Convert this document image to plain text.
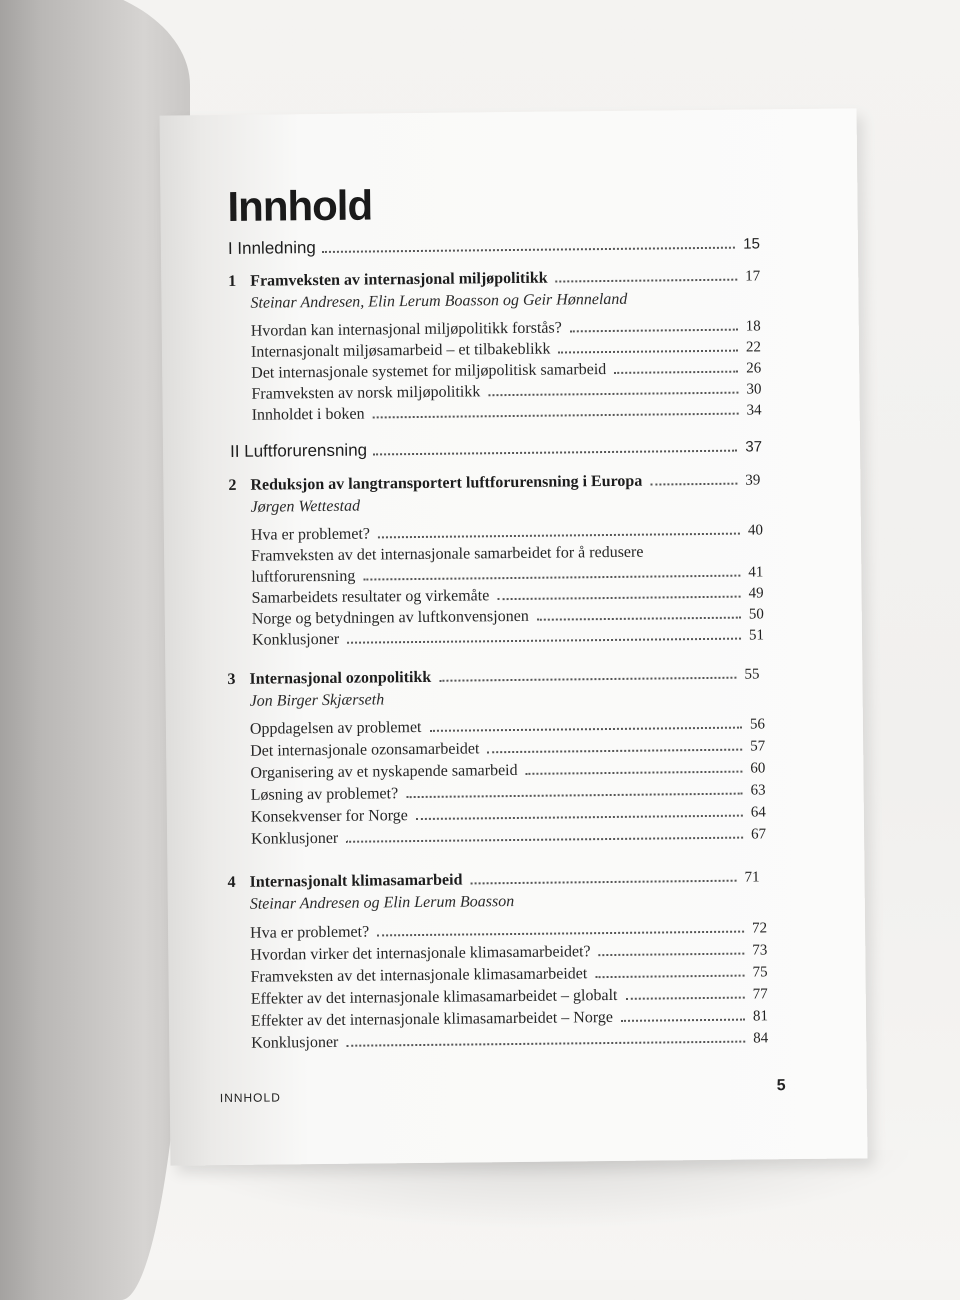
Innhold
I Innledning	15
1 Framveksten av internasjonal miljøpolitikk	17
Steinar Andresen, Elin Lerum Boasson og Geir Hønneland
Hvordan kan internasjonal miljøpolitikk forstås?	18
Internasjonalt miljøsamarbeid – et tilbakeblikk	22
Det internasjonale systemet for miljøpolitisk samarbeid	26
Framveksten av norsk miljøpolitikk	30
Innholdet i boken	34
II Luftforurensning	37
2 Reduksjon av langtransportert luftforurensning i Europa	39
Jørgen Wettestad
Hva er problemet?	40
Framveksten av det internasjonale samarbeidet for å redusere
luftforurensning	41
Samarbeidets resultater og virkemåte	49
Norge og betydningen av luftkonvensjonen	50
Konklusjoner	51
3 Internasjonal ozonpolitikk	55
Jon Birger Skjærseth
Oppdagelsen av problemet	56
Det internasjonale ozonsamarbeidet	57
Organisering av et nyskapende samarbeid	60
Løsning av problemet?	63
Konsekvenser for Norge	64
Konklusjoner	67
4 Internasjonalt klimasamarbeid	71
Steinar Andresen og Elin Lerum Boasson
Hva er problemet?	72
Hvordan virker det internasjonale klimasamarbeidet?	73
Framveksten av det internasjonale klimasamarbeidet	75
Effekter av det internasjonale klimasamarbeidet – globalt	77
Effekter av det internasjonale klimasamarbeidet – Norge	81
Konklusjoner	84
INNHOLD
5
